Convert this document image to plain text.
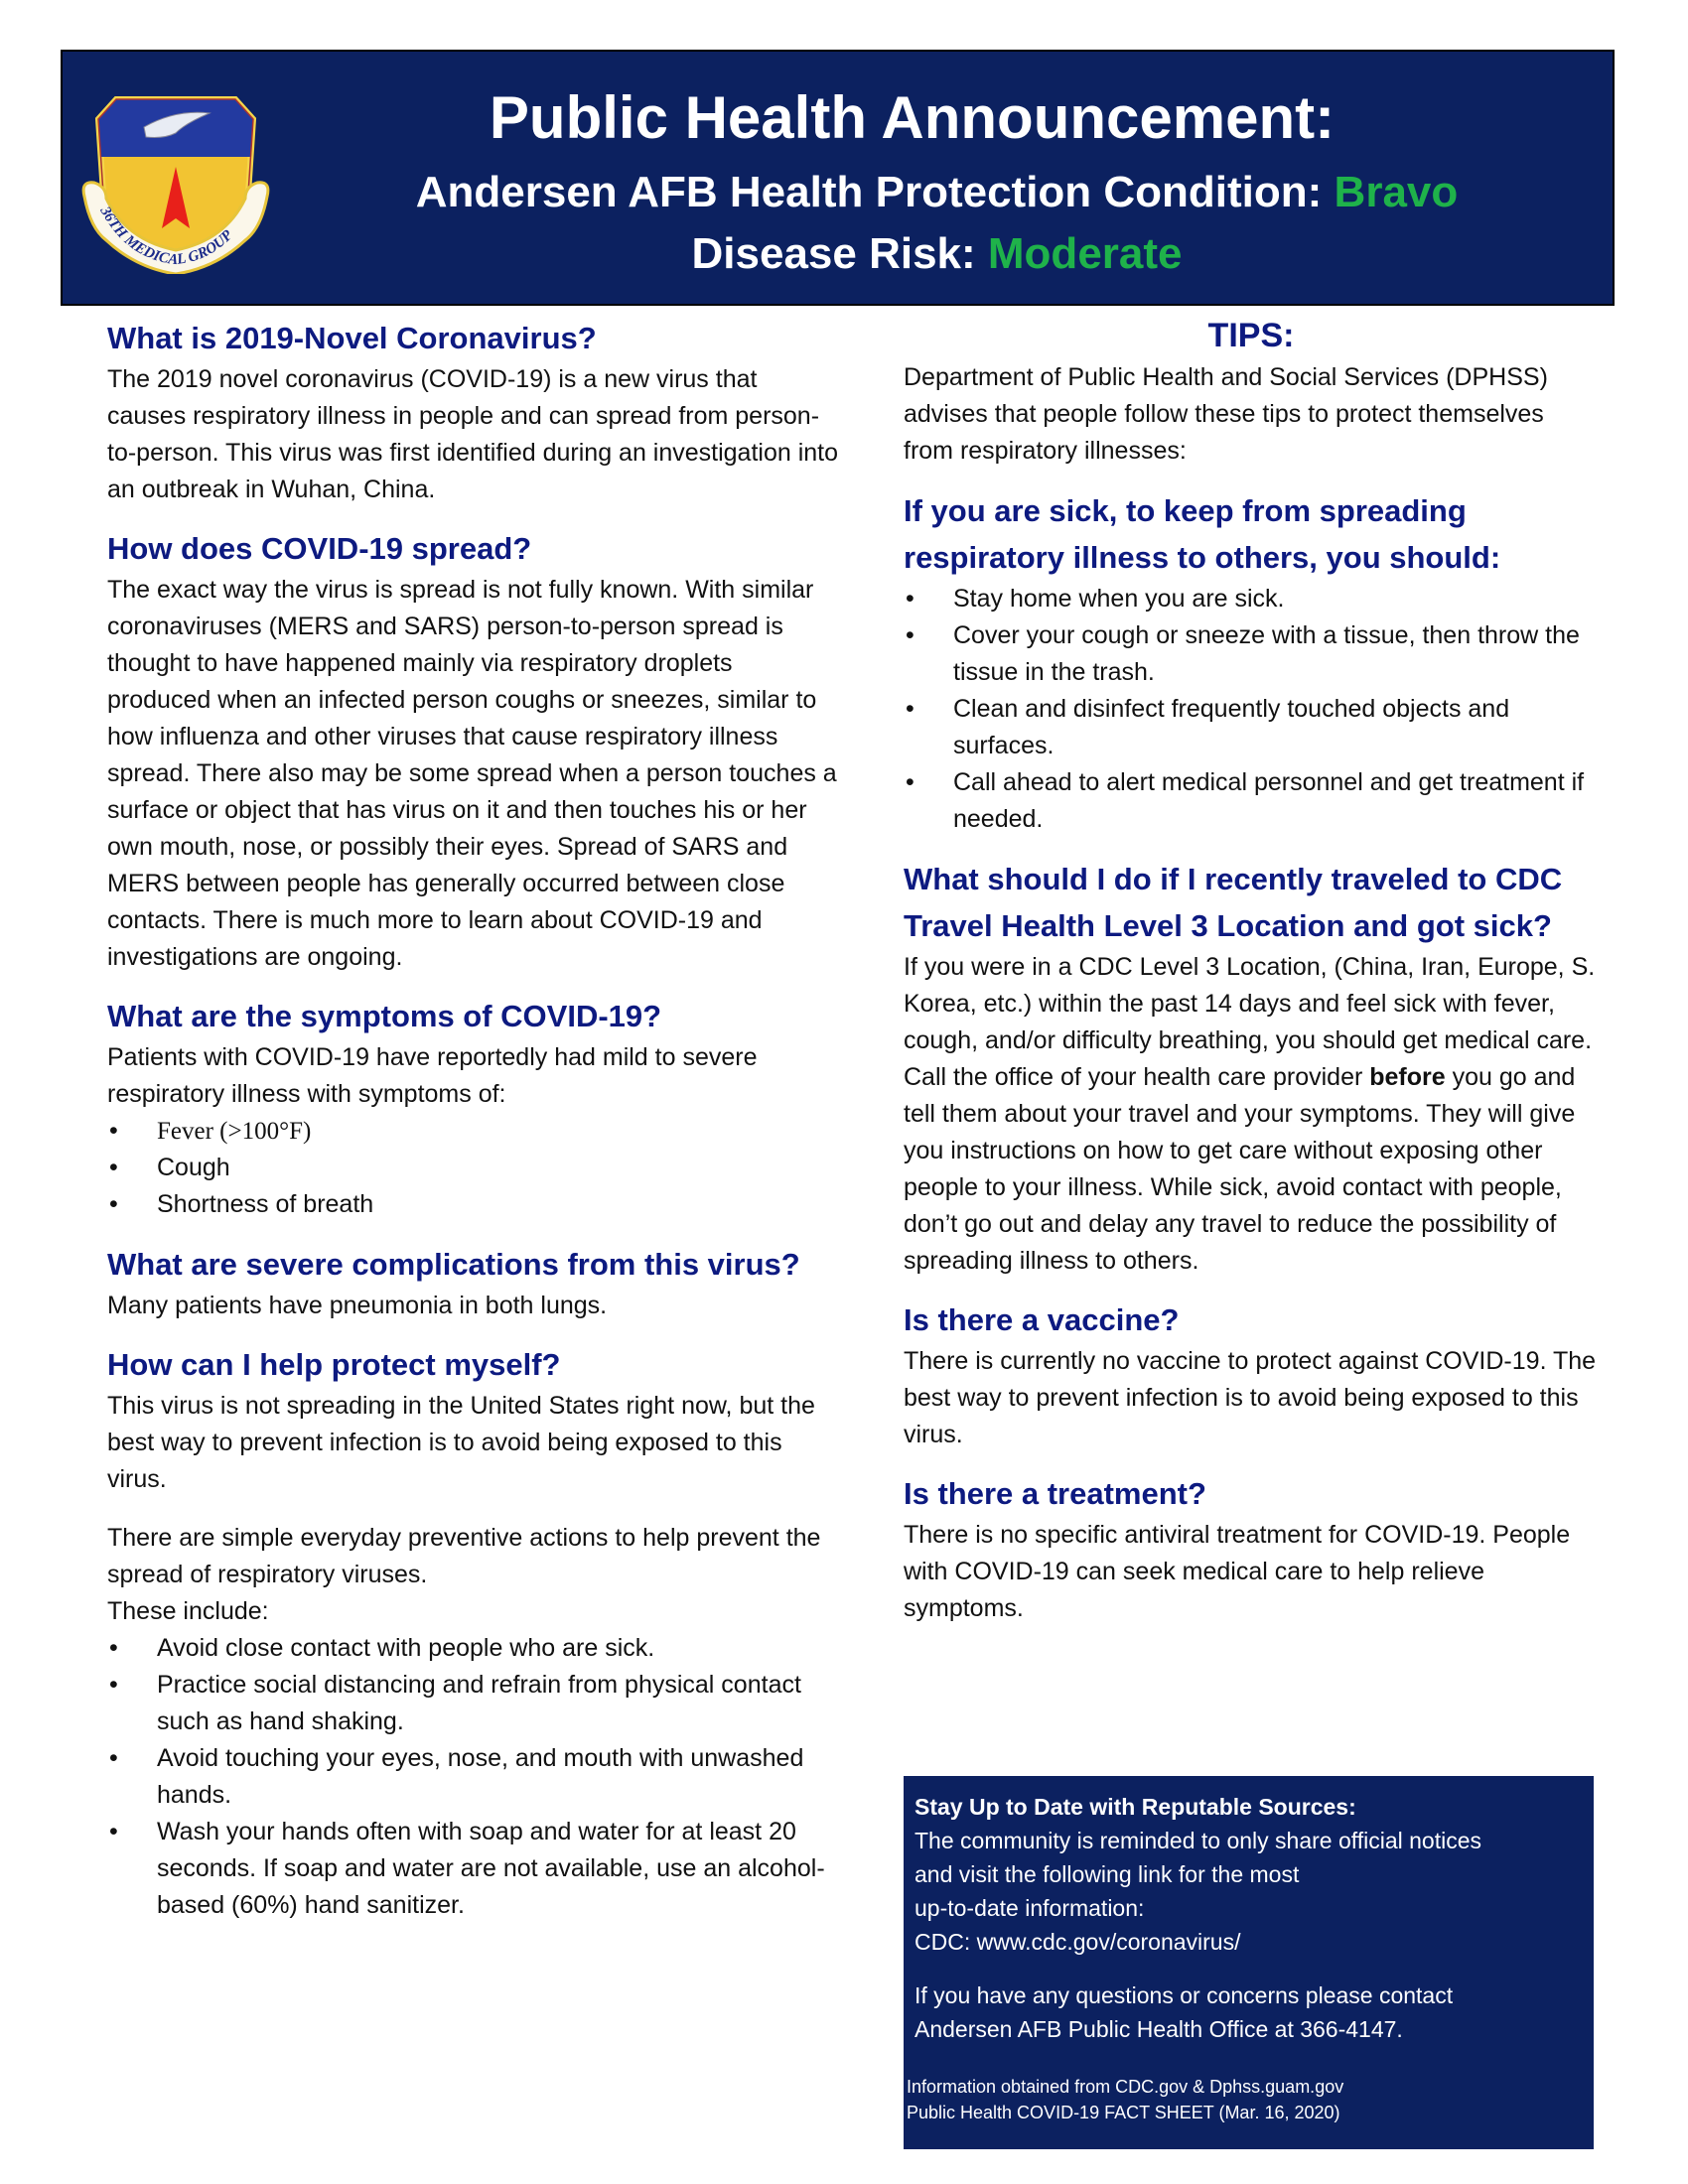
36TH MEDICAL GROUP
Public Health Announcement:
Andersen AFB Health Protection Condition: Bravo
Disease Risk: Moderate
What is 2019-Novel Coronavirus?

The 2019 novel coronavirus (COVID-19) is a new virus that causes respiratory illness in people and can spread from person-to-person. This virus was first identified during an investigation into an outbreak in Wuhan, China.

How does COVID-19 spread?

The exact way the virus is spread is not fully known. With similar coronaviruses (MERS and SARS) person-to-person spread is thought to have happened mainly via respiratory droplets produced when an infected person coughs or sneezes, similar to how influenza and other viruses that cause respiratory illness spread. There also may be some spread when a person touches a surface or object that has virus on it and then touches his or her own mouth, nose, or possibly their eyes. Spread of SARS and MERS between people has generally occurred between close contacts. There is much more to learn about COVID-19 and investigations are ongoing.

What are the symptoms of COVID-19?

Patients with COVID-19 have reportedly had mild to severe respiratory illness with symptoms of:

• Fever (>100°F)
• Cough
• Shortness of breath
What are severe complications from this virus?

Many patients have pneumonia in both lungs.

How can I help protect myself?

This virus is not spreading in the United States right now, but the best way to prevent infection is to avoid being exposed to this virus.

There are simple everyday preventive actions to help prevent the spread of respiratory viruses.

These include:

• Avoid close contact with people who are sick.
• Practice social distancing and refrain from physical contact such as hand shaking.
• Avoid touching your eyes, nose, and mouth with unwashed hands.
• Wash your hands often with soap and water for at least 20 seconds. If soap and water are not available, use an alcohol-based (60%) hand sanitizer.
TIPS:

Department of Public Health and Social Services (DPHSS) advises that people follow these tips to protect themselves from respiratory illnesses:

If you are sick, to keep from spreading respiratory illness to others, you should:
• Stay home when you are sick.
• Cover your cough or sneeze with a tissue, then throw the tissue in the trash.
• Clean and disinfect frequently touched objects and surfaces.
• Call ahead to alert medical personnel and get treatment if needed.
What should I do if I recently traveled to CDC Travel Health Level 3 Location and got sick?

If you were in a CDC Level 3 Location, (China, Iran, Europe, S. Korea, etc.) within the past 14 days and feel sick with fever, cough, and/or difficulty breathing, you should get medical care. Call the office of your health care provider before you go and tell them about your travel and your symptoms. They will give you instructions on how to get care without exposing other people to your illness. While sick, avoid contact with people, don’t go out and delay any travel to reduce the possibility of spreading illness to others.

Is there a vaccine?

There is currently no vaccine to protect against COVID-19. The best way to prevent infection is to avoid being exposed to this virus.

Is there a treatment?

There is no specific antiviral treatment for COVID-19. People with COVID-19 can seek medical care to help relieve symptoms.

Stay Up to Date with Reputable Sources:
The community is reminded to only share official notices
and visit the following link for the most
up-to-date information:
CDC: www.cdc.gov/coronavirus/
If you have any questions or concerns please contact
Andersen AFB Public Health Office at 366-4147.
Information obtained from CDC.gov & Dphss.guam.gov
Public Health COVID-19 FACT SHEET (Mar. 16, 2020)
